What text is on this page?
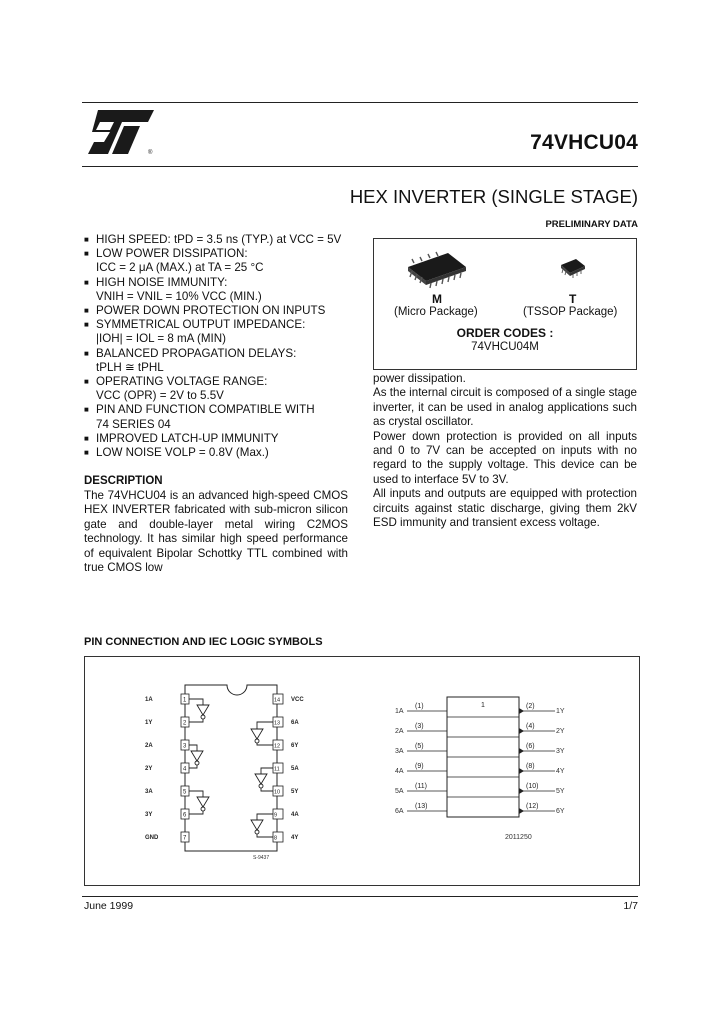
®	74VHCU04
HEX INVERTER (SINGLE STAGE)
PRELIMINARY DATA
■ HIGH SPEED: tPD = 3.5 ns (TYP.) at VCC = 5V
■ LOW POWER DISSIPATION:
ICC = 2 μA (MAX.) at TA = 25 °C
■ HIGH NOISE IMMUNITY:
VNIH = VNIL = 10% VCC (MIN.)
■ POWER DOWN PROTECTION ON INPUTS
■ SYMMETRICAL OUTPUT IMPEDANCE:
|IOH| = IOL = 8 mA (MIN)
■ BALANCED PROPAGATION DELAYS:
tPLH ≅ tPHL
■ OPERATING VOLTAGE RANGE:
VCC (OPR) = 2V to 5.5V
■ PIN AND FUNCTION COMPATIBLE WITH
74 SERIES 04
■ IMPROVED LATCH-UP IMMUNITY
■ LOW NOISE VOLP = 0.8V (Max.)
DESCRIPTION

The 74VHCU04 is an advanced high-speed CMOS HEX INVERTER fabricated with sub-micron silicon gate and double-layer metal wiring C2MOS technology. It has similar high speed performance of equivalent Bipolar Schottky TTL combined with true CMOS low

M
(Micro Package)
T
(TSSOP Package)
ORDER CODES :
74VHCU04M

power dissipation.

As the internal circuit is composed of a single stage inverter, it can be used in analog applications such as crystal oscillator.

Power down protection is provided on all inputs and 0 to 7V can be accepted on inputs with no regard to the supply voltage. This device can be used to interface 5V to 3V.

All inputs and outputs are equipped with protection circuits against static discharge, giving them 2kV ESD immunity and transient excess voltage.

PIN CONNECTION AND IEC LOGIC SYMBOLS
1A	1
1Y	2
2A	3
2Y	4
3A	5
3Y	6
GND	7
14 VCC
13 6A
12 6Y
11 5A
10 5Y
9 4A
8 4Y
S-9437
1
1A
(1)	(2)
1Y
2A
(3)	(4)
2Y
3A
(5)	(6)
3Y
4A
(9)	(8)
4Y
5A
(11)	(10)
5Y
6A
(13)	(12)
6Y
2011250
June 1999	1/7
